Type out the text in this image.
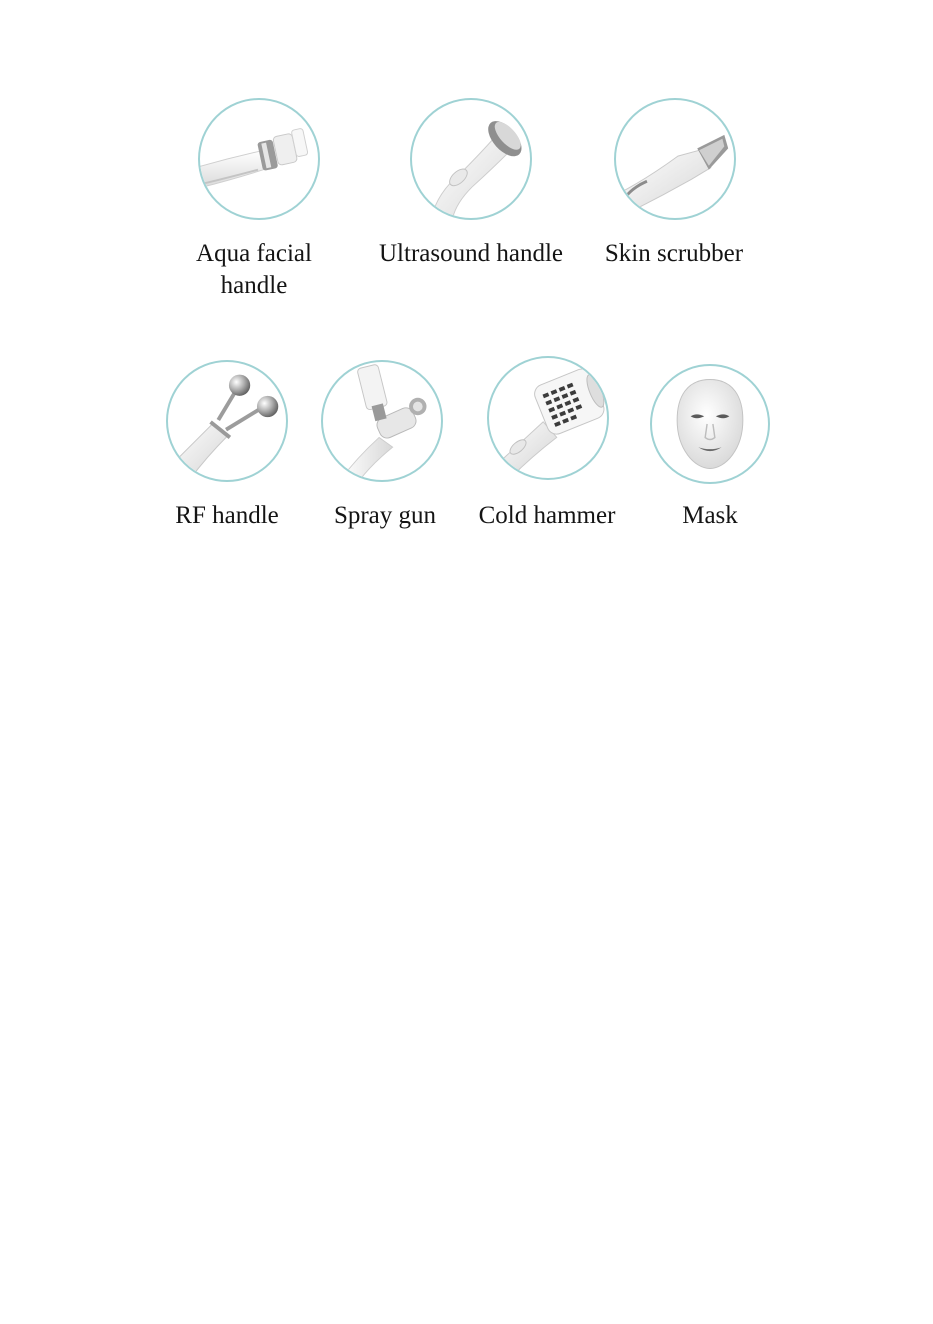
Aqua facial
handle
Ultrasound handle	Skin scrubber
RF handle	Spray gun	Cold hammer	Mask
